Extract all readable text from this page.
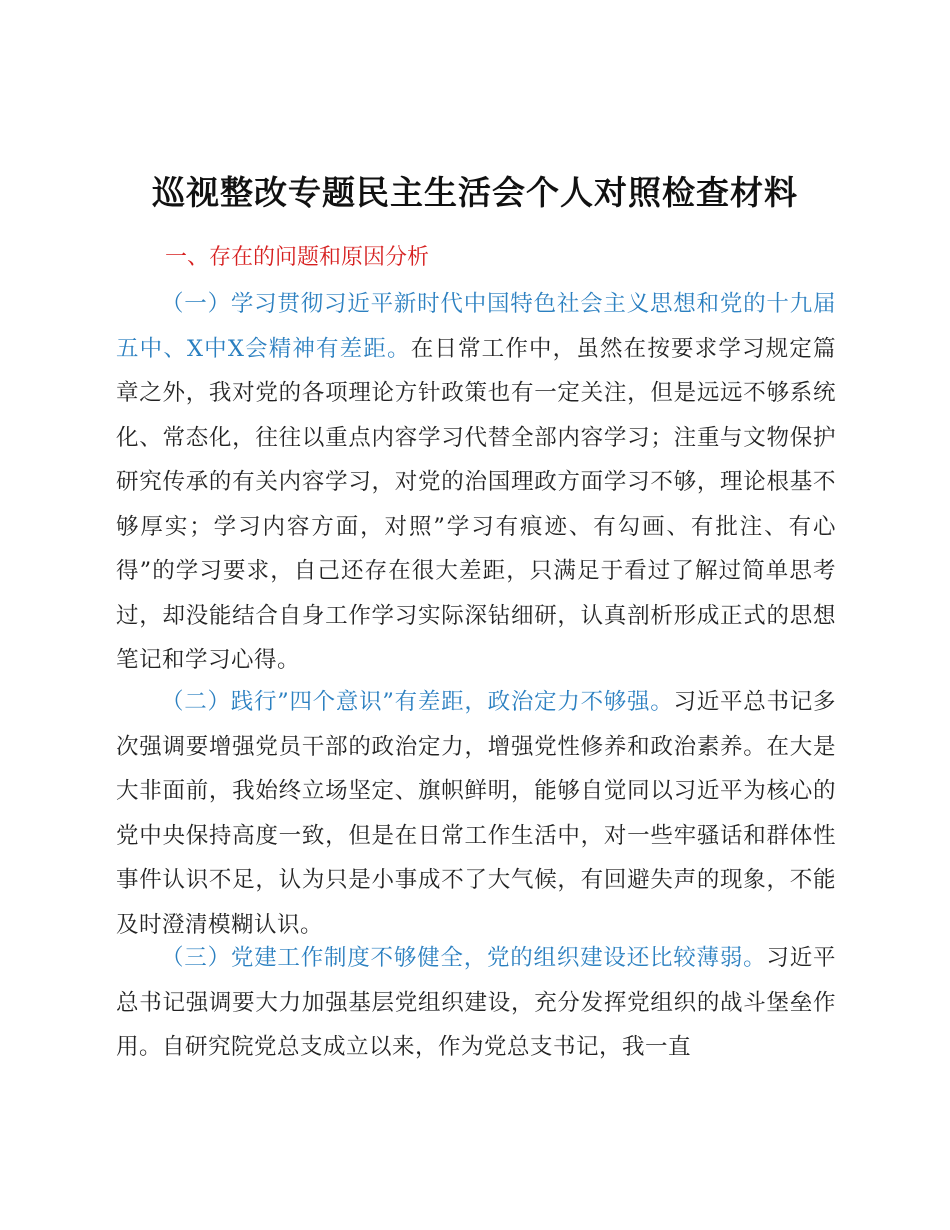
巡视整改专题民主生活会个人对照检查材料
一、存在的问题和原因分析
（一）学习贯彻习近平新时代中国特色社会主义思想和党的十九届五中、X中X会精神有差距。在日常工作中，虽然在按要求学习规定篇章之外，我对党的各项理论方针政策也有一定关注，但是远远不够系统化、常态化，往往以重点内容学习代替全部内容学习；注重与文物保护研究传承的有关内容学习，对党的治国理政方面学习不够，理论根基不够厚实；学习内容方面，对照”学习有痕迹、有勾画、有批注、有心得”的学习要求，自己还存在很大差距，只满足于看过了解过简单思考过，却没能结合自身工作学习实际深钻细研，认真剖析形成正式的思想笔记和学习心得。
（二）践行”四个意识”有差距，政治定力不够强。习近平总书记多次强调要增强党员干部的政治定力，增强党性修养和政治素养。在大是大非面前，我始终立场坚定、旗帜鲜明，能够自觉同以习近平为核心的党中央保持高度一致，但是在日常工作生活中，对一些牢骚话和群体性事件认识不足，认为只是小事成不了大气候，有回避失声的现象，不能及时澄清模糊认识。
（三）党建工作制度不够健全，党的组织建设还比较薄弱。习近平总书记强调要大力加强基层党组织建设，充分发挥党组织的战斗堡垒作用。自研究院党总支成立以来，作为党总支书记，我一直
